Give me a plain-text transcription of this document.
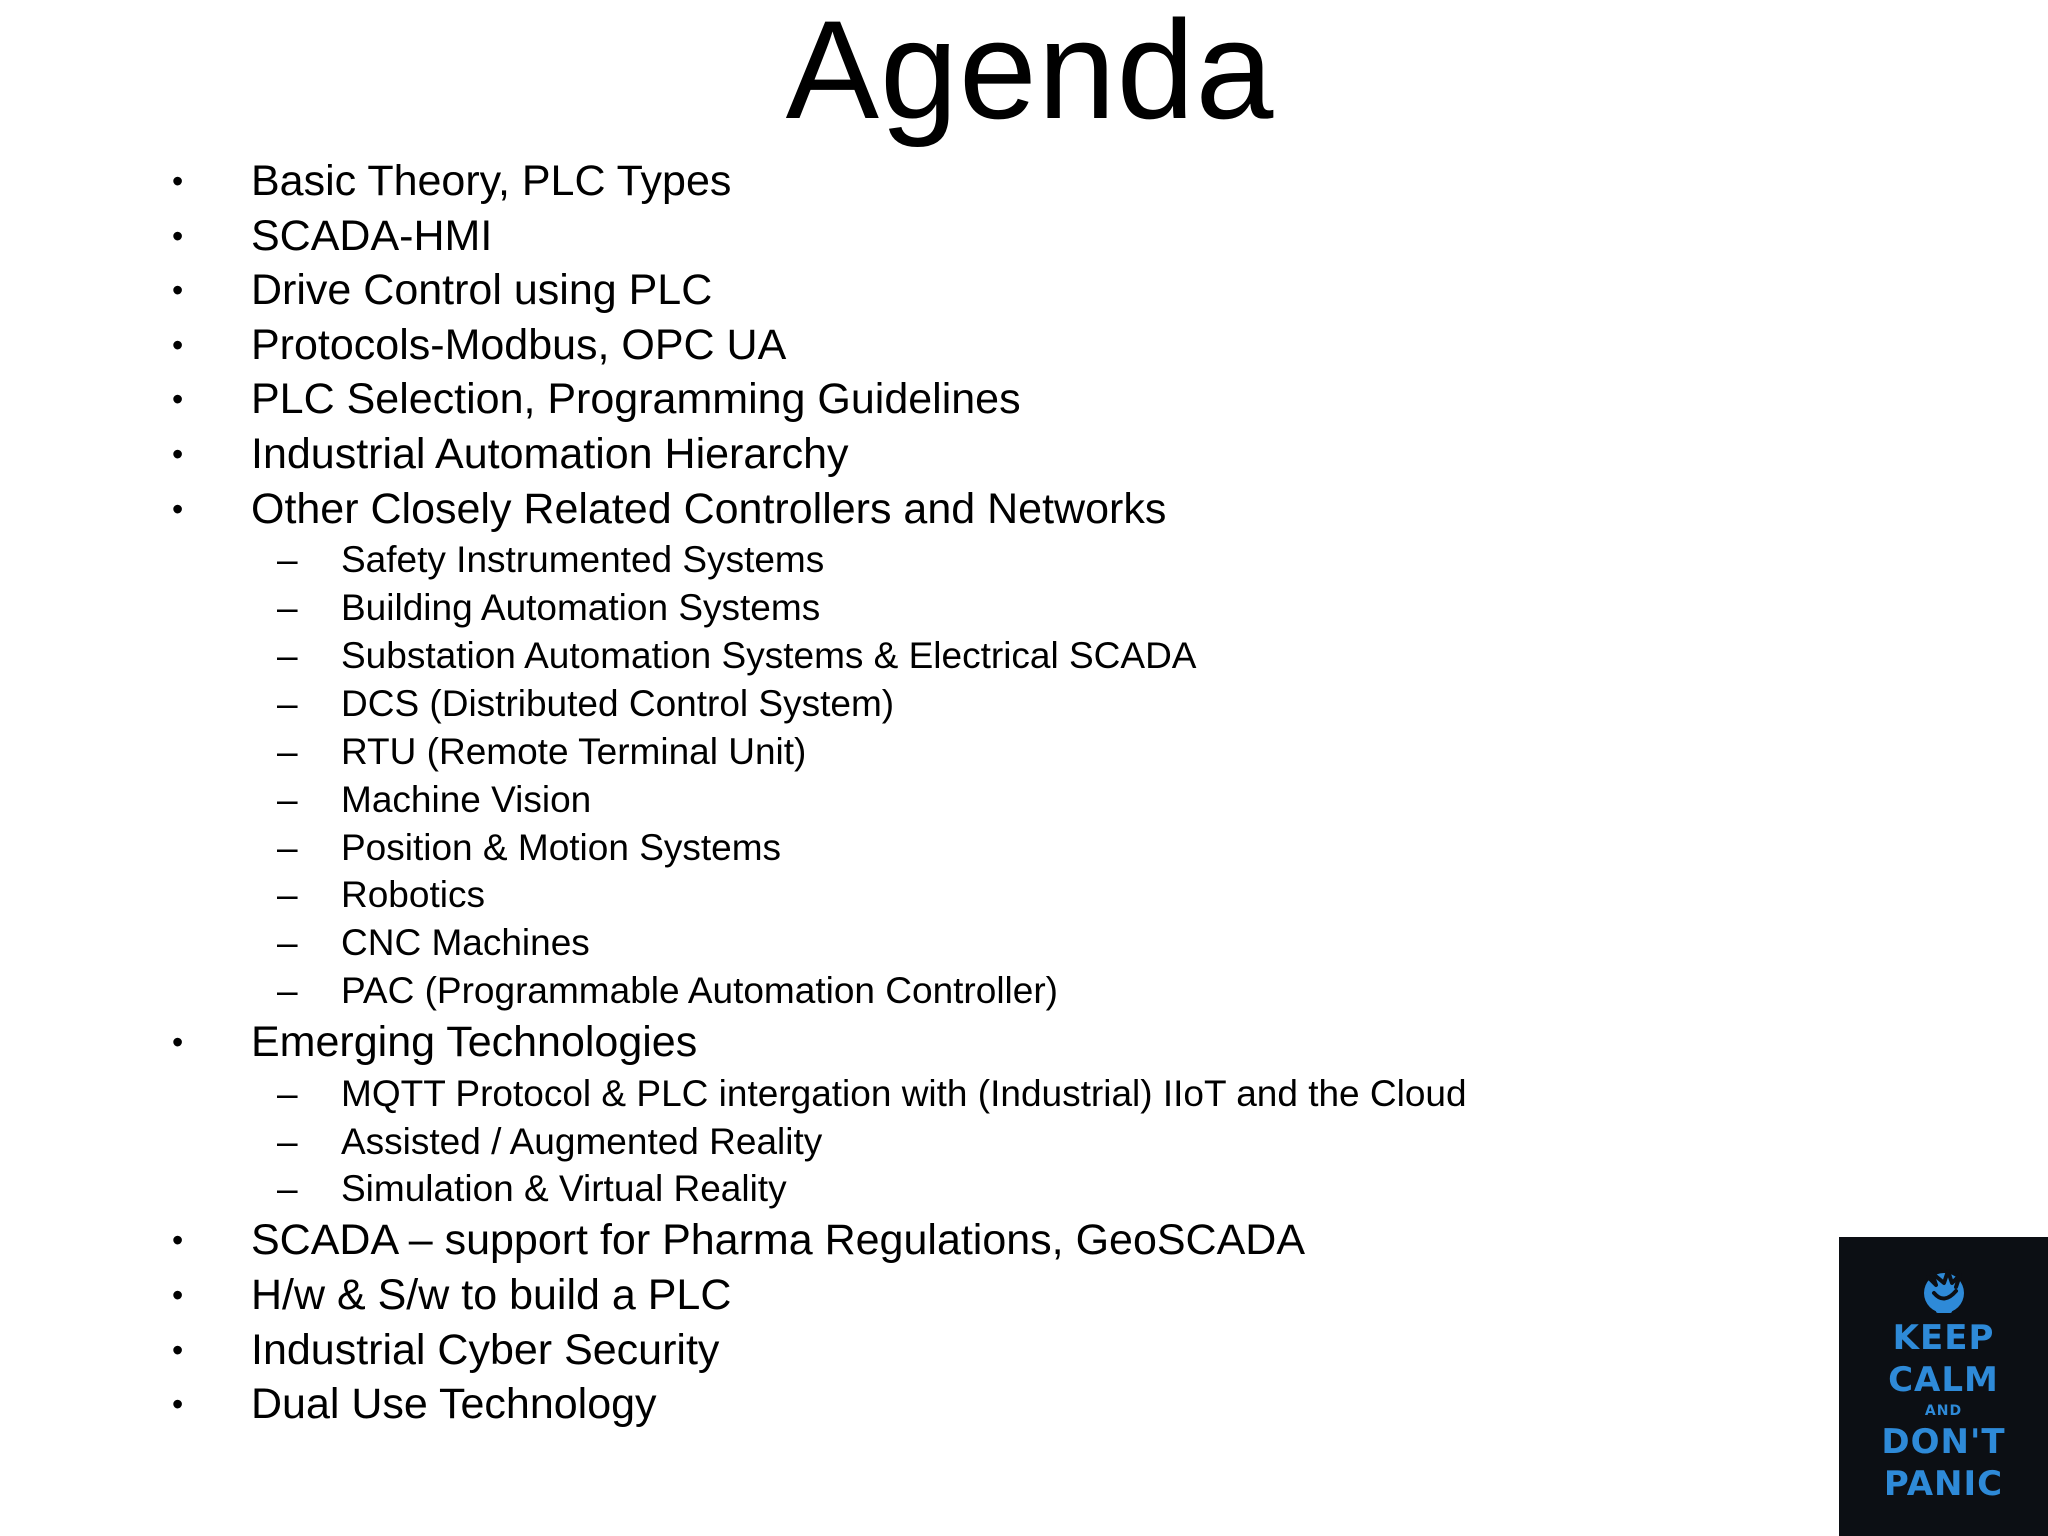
Agenda
• Basic Theory, PLC Types
• SCADA-HMI
• Drive Control using PLC
• Protocols-Modbus, OPC UA
• PLC Selection, Programming Guidelines
• Industrial Automation Hierarchy
• Other Closely Related Controllers and Networks
– Safety Instrumented Systems
– Building Automation Systems
– Substation Automation Systems & Electrical SCADA
– DCS (Distributed Control System)
– RTU (Remote Terminal Unit)
– Machine Vision
– Position & Motion Systems
– Robotics
– CNC Machines
– PAC (Programmable Automation Controller)
• Emerging Technologies
– MQTT Protocol & PLC intergation with (Industrial) IIoT and the Cloud
– Assisted / Augmented Reality
– Simulation & Virtual Reality
• SCADA – support for Pharma Regulations, GeoSCADA
• H/w & S/w to build a PLC
• Industrial Cyber Security
• Dual Use Technology
KEEP
CALM
AND
DON'T
PANIC
